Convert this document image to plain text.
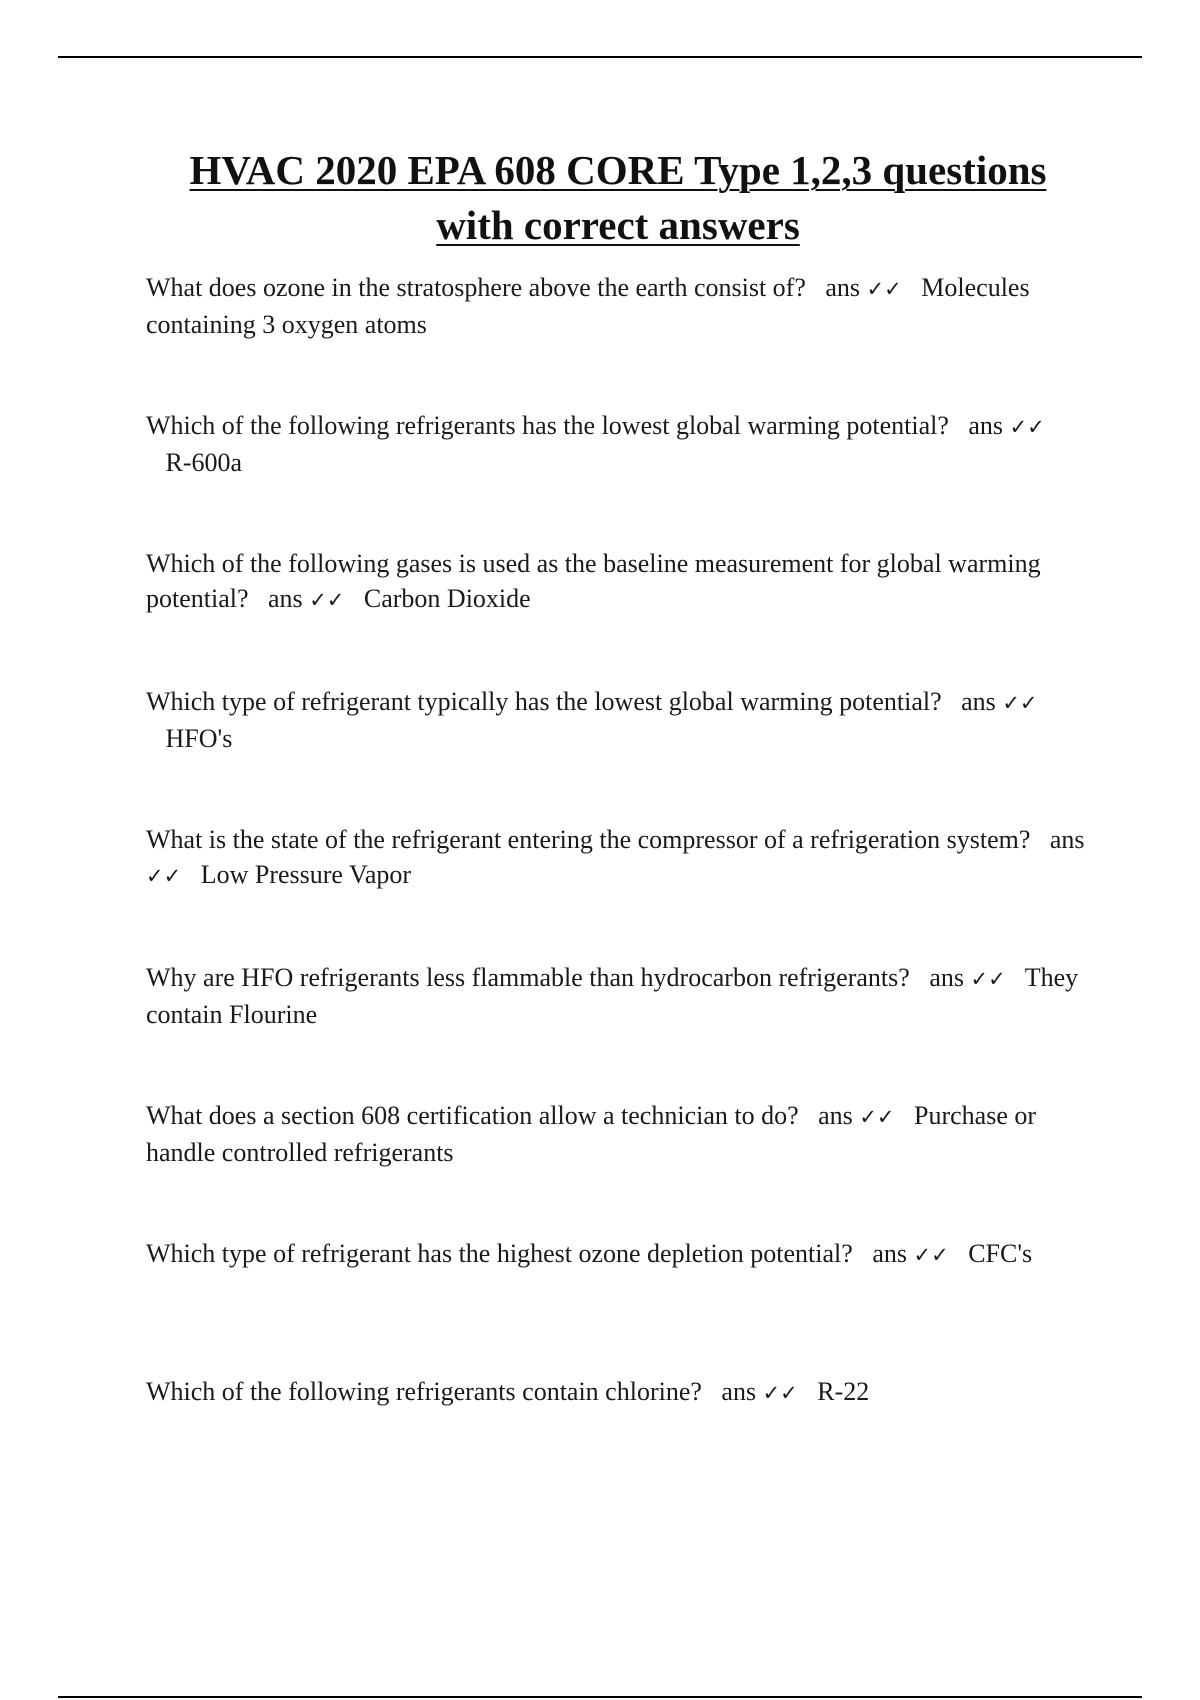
HVAC 2020 EPA 608 CORE Type 1,2,3 questions with correct answers

What does ozone in the stratosphere above the earth consist of? ans ✓✓ Molecules containing 3 oxygen atoms

Which of the following refrigerants has the lowest global warming potential? ans ✓✓   R-600a

Which of the following gases is used as the baseline measurement for global warming potential? ans ✓✓ Carbon Dioxide

Which type of refrigerant typically has the lowest global warming potential? ans ✓✓   HFO's

What is the state of the refrigerant entering the compressor of a refrigeration system? ans ✓✓ Low Pressure Vapor

Why are HFO refrigerants less flammable than hydrocarbon refrigerants? ans ✓✓ They contain Flourine

What does a section 608 certification allow a technician to do? ans ✓✓ Purchase or handle controlled refrigerants

Which type of refrigerant has the highest ozone depletion potential? ans ✓✓ CFC's

Which of the following refrigerants contain chlorine? ans ✓✓ R-22
